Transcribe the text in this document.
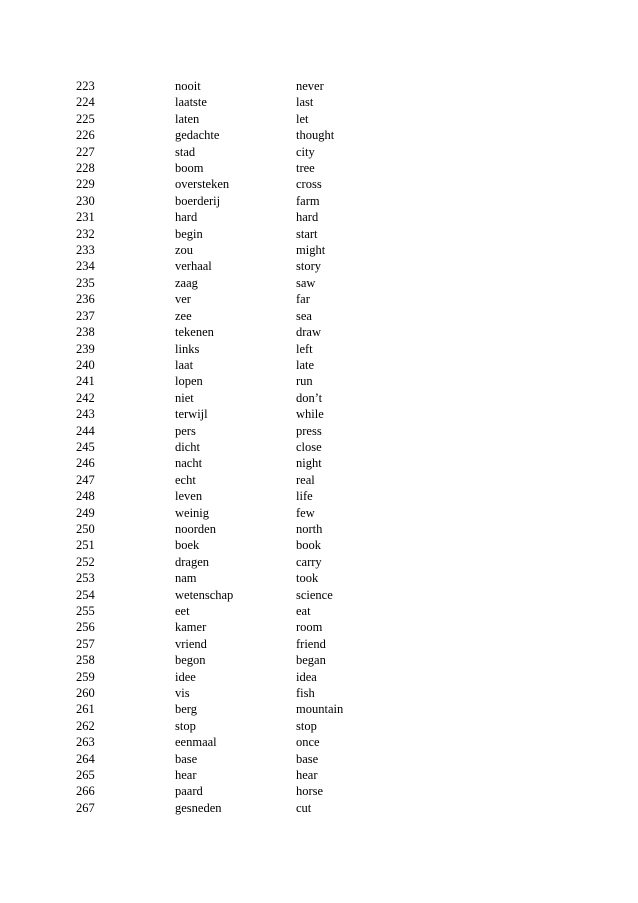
223	nooit	never
224	laatste	last
225	laten	let
226	gedachte	thought
227	stad	city
228	boom	tree
229	oversteken	cross
230	boerderij	farm
231	hard	hard
232	begin	start
233	zou	might
234	verhaal	story
235	zaag	saw
236	ver	far
237	zee	sea
238	tekenen	draw
239	links	left
240	laat	late
241	lopen	run
242	niet	don’t
243	terwijl	while
244	pers	press
245	dicht	close
246	nacht	night
247	echt	real
248	leven	life
249	weinig	few
250	noorden	north
251	boek	book
252	dragen	carry
253	nam	took
254	wetenschap	science
255	eet	eat
256	kamer	room
257	vriend	friend
258	begon	began
259	idee	idea
260	vis	fish
261	berg	mountain
262	stop	stop
263	eenmaal	once
264	base	base
265	hear	hear
266	paard	horse
267	gesneden	cut
